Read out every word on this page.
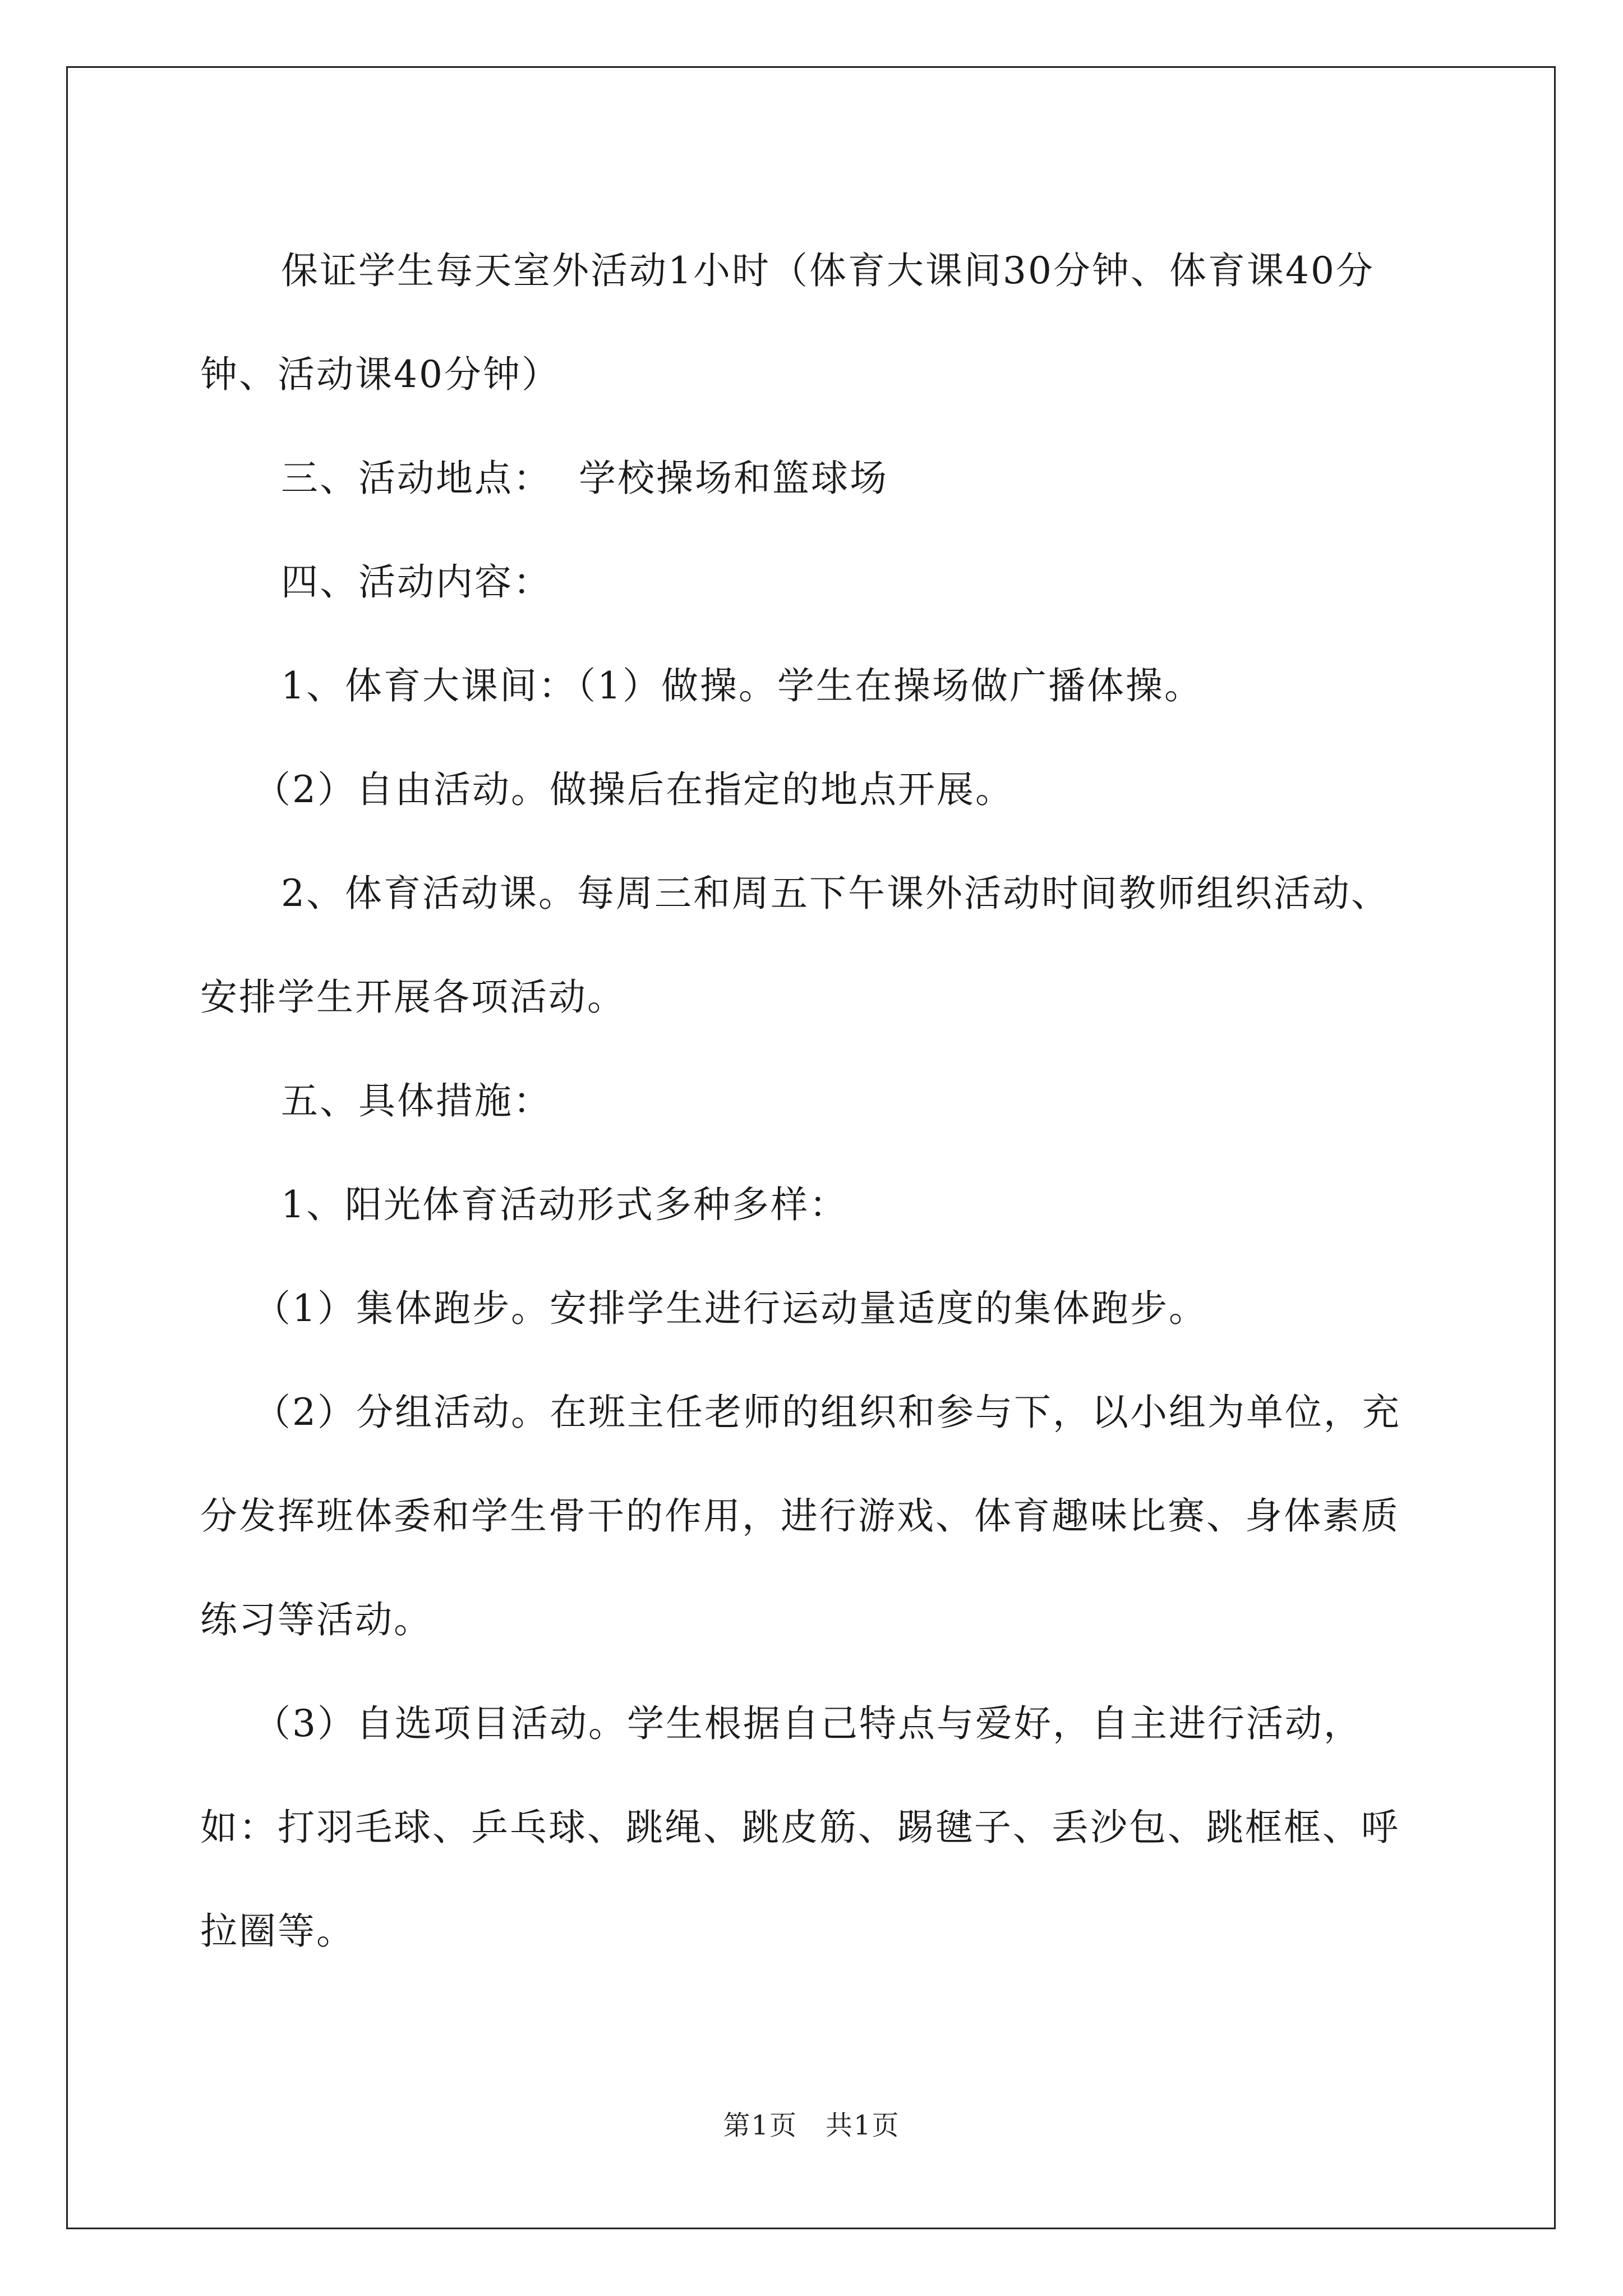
保证学生每天室外活动1小时（体育大课间30分钟、体育课40分钟、活动课40分钟）

三、活动地点：  学校操场和篮球场

四、活动内容：

1、体育大课间：（1）做操。学生在操场做广播体操。

（2）自由活动。做操后在指定的地点开展。

2、体育活动课。每周三和周五下午课外活动时间教师组织活动、安排学生开展各项活动。

五、具体措施：

1、阳光体育活动形式多种多样：

（1）集体跑步。安排学生进行运动量适度的集体跑步。

（2）分组活动。在班主任老师的组织和参与下，以小组为单位，充分发挥班体委和学生骨干的作用，进行游戏、体育趣味比赛、身体素质练习等活动。

（3）自选项目活动。学生根据自己特点与爱好，自主进行活动，如：打羽毛球、乒乓球、跳绳、跳皮筋、踢毽子、丢沙包、跳框框、呼拉圈等。

第1页　共1页
